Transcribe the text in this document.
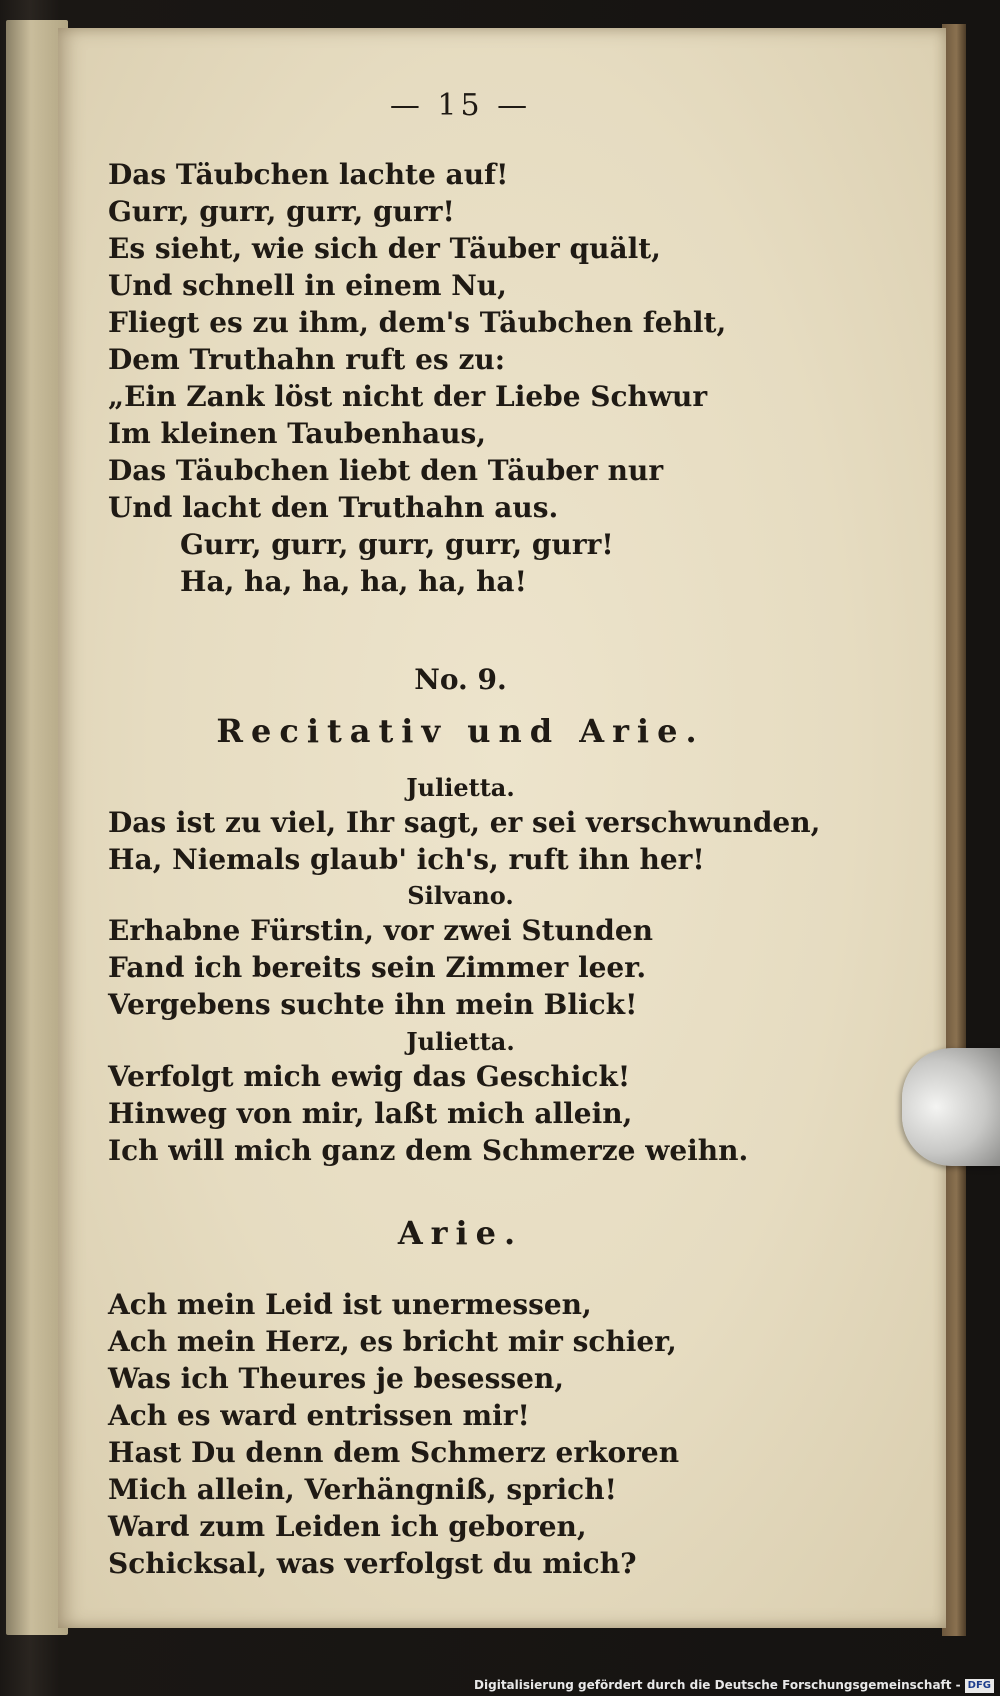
— 15 —
Das Täubchen lachte auf!
Gurr, gurr, gurr, gurr!
Es sieht, wie sich der Täuber quält,
Und schnell in einem Nu,
Fliegt es zu ihm, dem's Täubchen fehlt,
Dem Truthahn ruft es zu:
„Ein Zank löst nicht der Liebe Schwur
Im kleinen Taubenhaus,
Das Täubchen liebt den Täuber nur
Und lacht den Truthahn aus.
Gurr, gurr, gurr, gurr, gurr!
Ha, ha, ha, ha, ha, ha!
No. 9.
Recitativ und Arie.
Julietta.
Das ist zu viel, Ihr sagt, er sei verschwunden,
Ha, Niemals glaub' ich's, ruft ihn her!
Silvano.
Erhabne Fürstin, vor zwei Stunden
Fand ich bereits sein Zimmer leer.
Vergebens suchte ihn mein Blick!
Julietta.
Verfolgt mich ewig das Geschick!
Hinweg von mir, laßt mich allein,
Ich will mich ganz dem Schmerze weihn.
Arie.
Ach mein Leid ist unermessen,
Ach mein Herz, es bricht mir schier,
Was ich Theures je besessen,
Ach es ward entrissen mir!
Hast Du denn dem Schmerz erkoren
Mich allein, Verhängniß, sprich!
Ward zum Leiden ich geboren,
Schicksal, was verfolgst du mich?
Digitalisierung gefördert durch die Deutsche Forschungsgemeinschaft - DFG
